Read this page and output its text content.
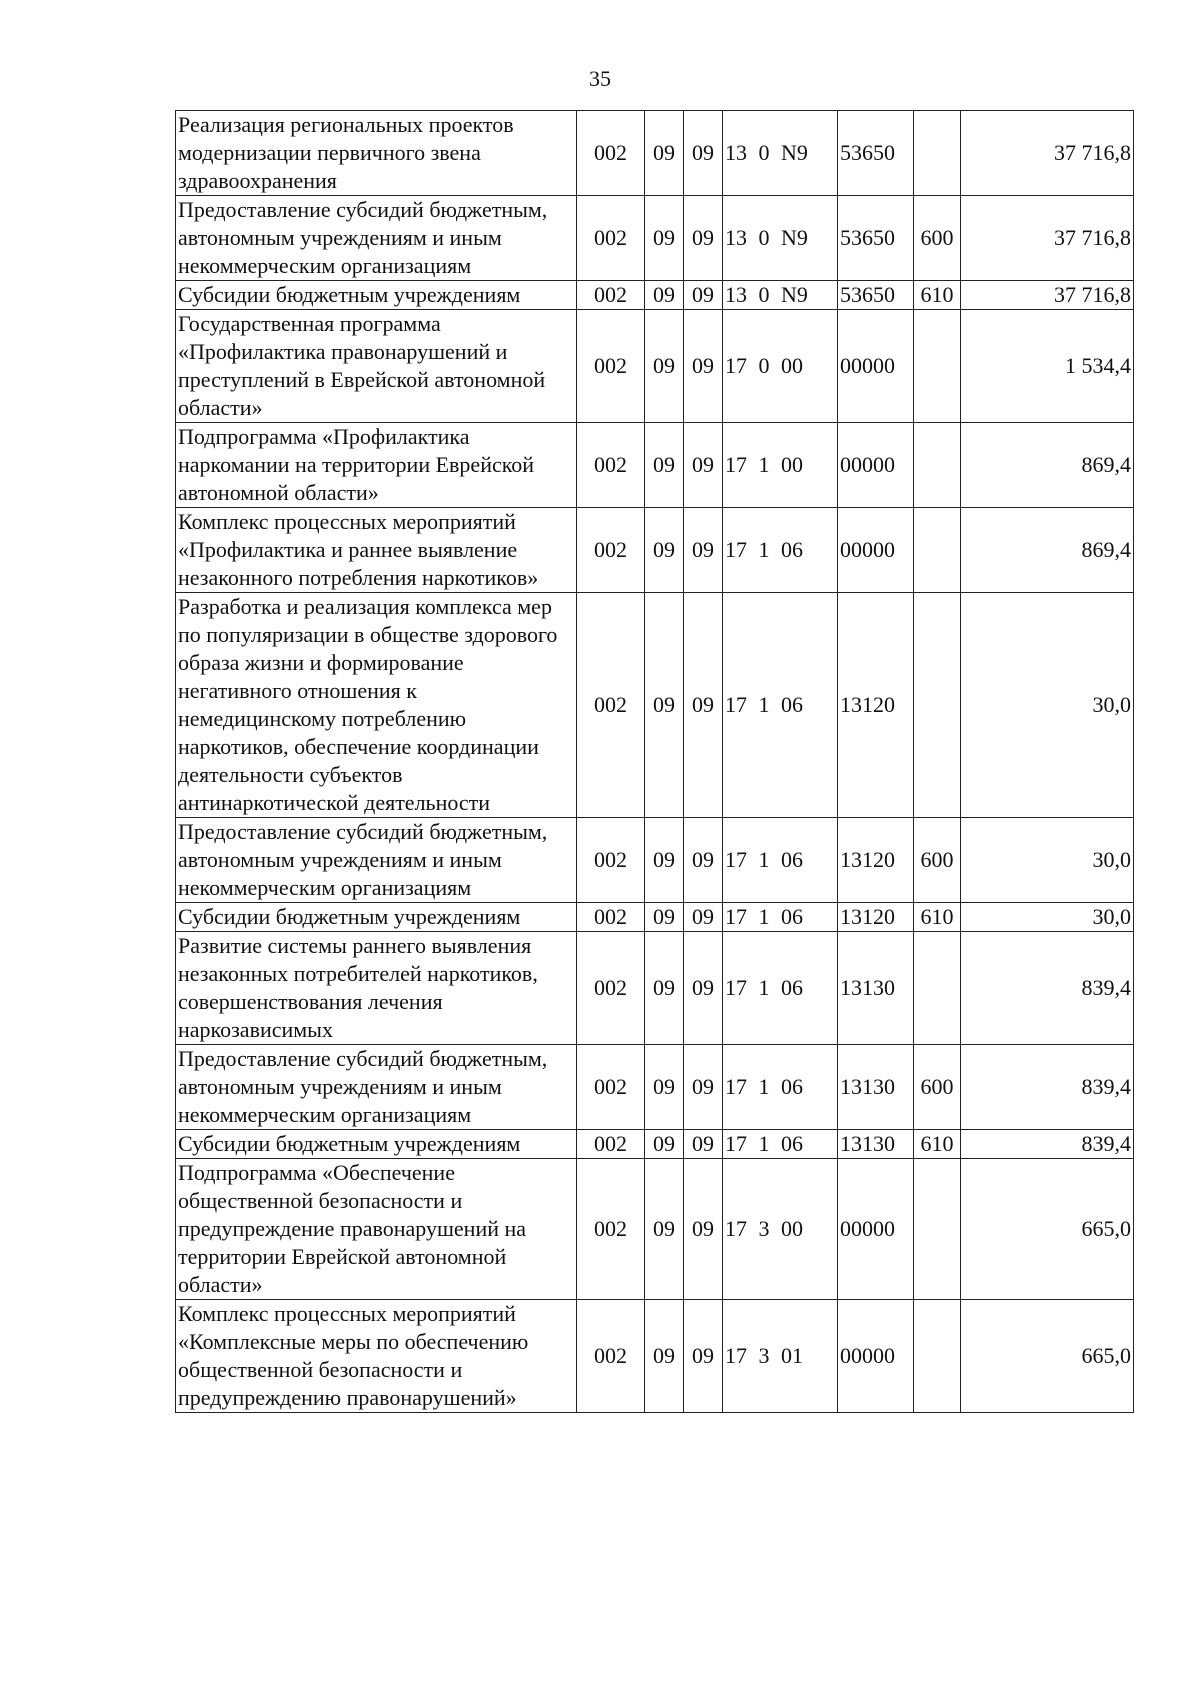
35
Реализация региональных проектов модернизации первичного звена здравоохранения	002	09	09	13 0 N9	53650		37 716,8
Предоставление субсидий бюджетным, автономным учреждениям и иным некоммерческим организациям	002	09	09	13 0 N9	53650	600	37 716,8
Субсидии бюджетным учреждениям	002	09	09	13 0 N9	53650	610	37 716,8
Государственная программа «Профилактика правонарушений и преступлений в Еврейской автономной области»	002	09	09	17 0 00	00000		1 534,4
Подпрограмма «Профилактика наркомании на территории Еврейской автономной области»	002	09	09	17 1 00	00000		869,4
Комплекс процессных мероприятий «Профилактика и раннее выявление незаконного потребления наркотиков»	002	09	09	17 1 06	00000		869,4
Разработка и реализация комплекса мер по популяризации в обществе здорового образа жизни и формирование негативного отношения к немедицинскому потреблению наркотиков, обеспечение координации деятельности субъектов антинаркотической деятельности	002	09	09	17 1 06	13120		30,0
Предоставление субсидий бюджетным, автономным учреждениям и иным некоммерческим организациям	002	09	09	17 1 06	13120	600	30,0
Субсидии бюджетным учреждениям	002	09	09	17 1 06	13120	610	30,0
Развитие системы раннего выявления незаконных потребителей наркотиков, совершенствования лечения наркозависимых	002	09	09	17 1 06	13130		839,4
Предоставление субсидий бюджетным, автономным учреждениям и иным некоммерческим организациям	002	09	09	17 1 06	13130	600	839,4
Субсидии бюджетным учреждениям	002	09	09	17 1 06	13130	610	839,4
Подпрограмма «Обеспечение общественной безопасности и предупреждение правонарушений на территории Еврейской автономной области»	002	09	09	17 3 00	00000		665,0
Комплекс процессных мероприятий «Комплексные меры по обеспечению общественной безопасности и предупреждению правонарушений»	002	09	09	17 3 01	00000		665,0
